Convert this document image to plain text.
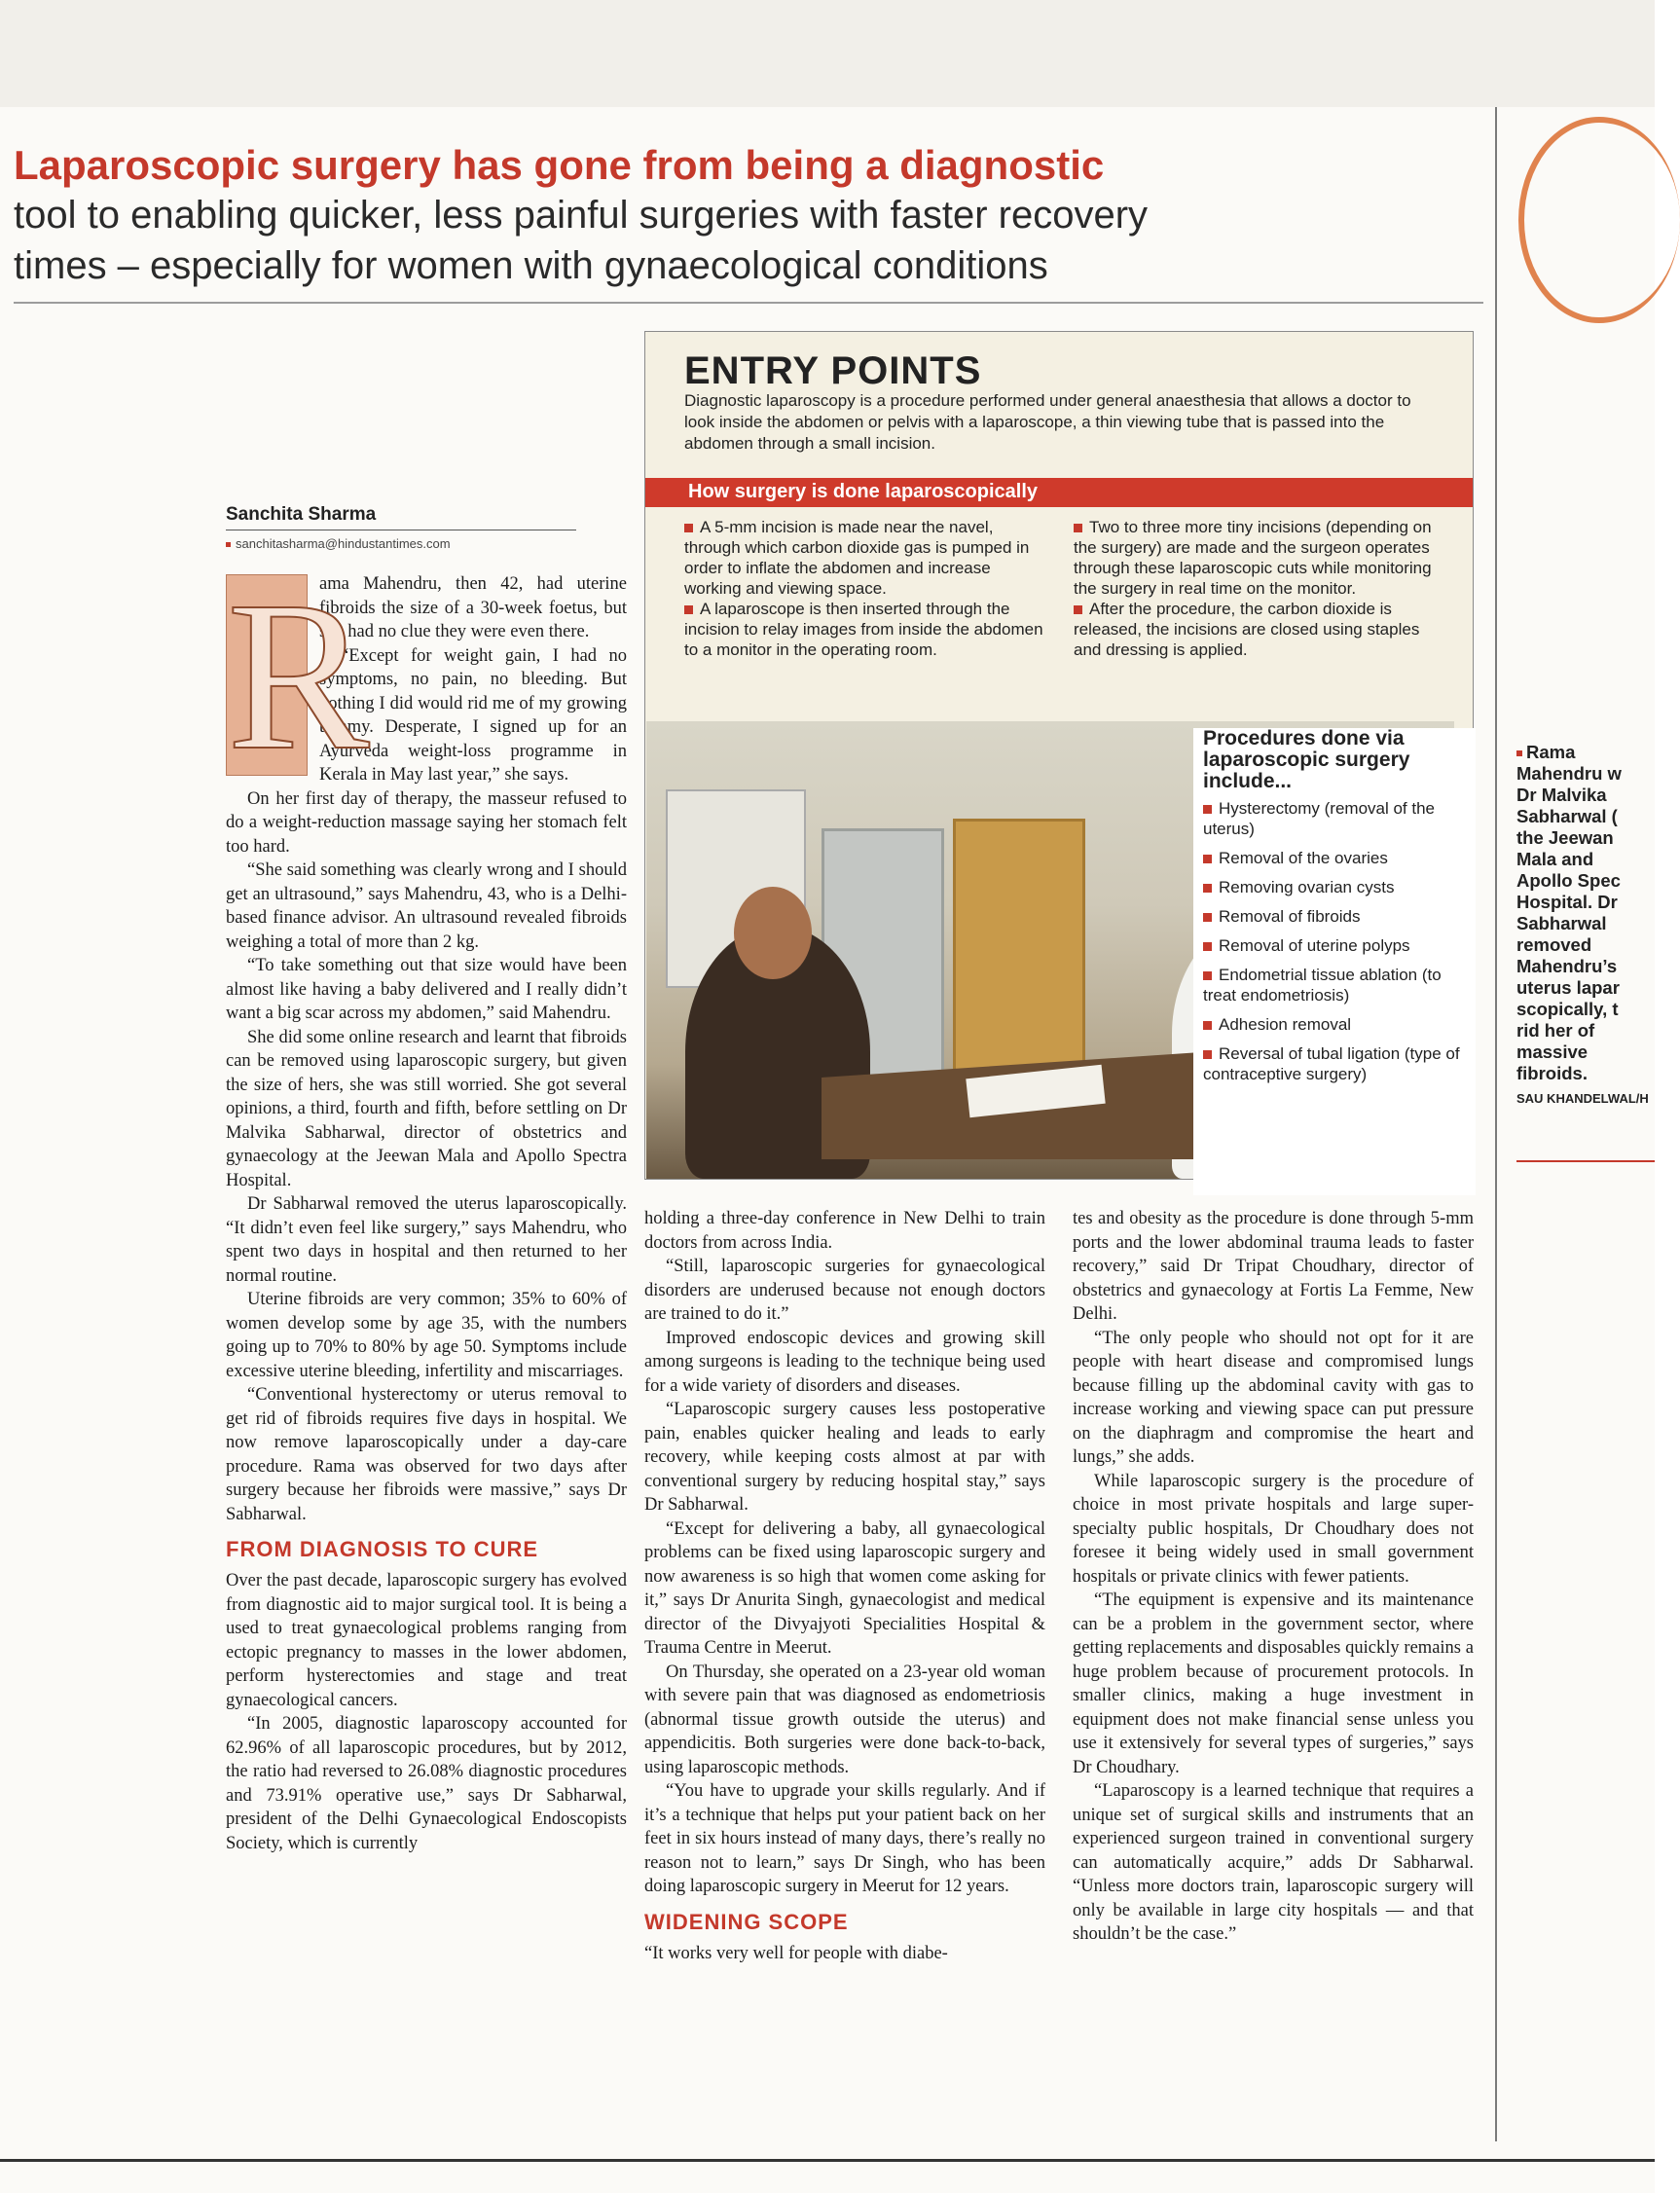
Laparoscopic surgery has gone from being a diagnostic
tool to enabling quicker, less painful surgeries with faster recovery
times – especially for women with gynaecological conditions
Sanchita Sharma
sanchitasharma@hindustantimes.com
R

ama Mahendru, then 42, had uterine fibroids the size of a 30-week foetus, but she had no clue they were even there.

“Except for weight gain, I had no symptoms, no pain, no bleeding. But nothing I did would rid me of my growing tummy. Desperate, I signed up for an Ayurveda weight-loss programme in Kerala in May last year,” she says.

On her first day of therapy, the masseur refused to do a weight-reduction massage saying her stomach felt too hard.

“She said something was clearly wrong and I should get an ultrasound,” says Mahendru, 43, who is a Delhi-based finance advisor. An ultrasound revealed fibroids weighing a total of more than 2 kg.

“To take something out that size would have been almost like having a baby delivered and I really didn’t want a big scar across my abdomen,” said Mahendru.

She did some online research and learnt that fibroids can be removed using laparoscopic surgery, but given the size of hers, she was still worried. She got several opinions, a third, fourth and fifth, before settling on Dr Malvika Sabharwal, director of obstetrics and gynaecology at the Jeewan Mala and Apollo Spectra Hospital.

Dr Sabharwal removed the uterus laparoscopically. “It didn’t even feel like surgery,” says Mahendru, who spent two days in hospital and then returned to her normal routine.

Uterine fibroids are very common; 35% to 60% of women develop some by age 35, with the numbers going up to 70% to 80% by age 50. Symptoms include excessive uterine bleeding, infertility and miscarriages.

“Conventional hysterectomy or uterus removal to get rid of fibroids requires five days in hospital. We now remove laparoscopically under a day-care procedure. Rama was observed for two days after surgery because her fibroids were massive,” says Dr Sabharwal.

FROM DIAGNOSIS TO CURE

Over the past decade, laparoscopic surgery has evolved from diagnostic aid to major surgical tool. It is being a used to treat gynaecological problems ranging from ectopic pregnancy to masses in the lower abdomen, perform hysterectomies and stage and treat gynaecological cancers.

“In 2005, diagnostic laparoscopy accounted for 62.96% of all laparoscopic procedures, but by 2012, the ratio had reversed to 26.08% diagnostic procedures and 73.91% operative use,” says Dr Sabharwal, president of the Delhi Gynaecological Endoscopists Society, which is currently

holding a three-day conference in New Delhi to train doctors from across India.

“Still, laparoscopic surgeries for gynaecological disorders are underused because not enough doctors are trained to do it.”

Improved endoscopic devices and growing skill among surgeons is leading to the technique being used for a wide variety of disorders and diseases.

“Laparoscopic surgery causes less postoperative pain, enables quicker healing and leads to early recovery, while keeping costs almost at par with conventional surgery by reducing hospital stay,” says Dr Sabharwal.

“Except for delivering a baby, all gynaecological problems can be fixed using laparoscopic surgery and now awareness is so high that women come asking for it,” says Dr Anurita Singh, gynaecologist and medical director of the Divyajyoti Specialities Hospital & Trauma Centre in Meerut.

On Thursday, she operated on a 23-year old woman with severe pain that was diagnosed as endometriosis (abnormal tissue growth outside the uterus) and appendicitis. Both surgeries were done back-to-back, using laparoscopic methods.

“You have to upgrade your skills regularly. And if it’s a technique that helps put your patient back on her feet in six hours instead of many days, there’s really no reason not to learn,” says Dr Singh, who has been doing laparoscopic surgery in Meerut for 12 years.

WIDENING SCOPE

“It works very well for people with diabe-

tes and obesity as the procedure is done through 5-mm ports and the lower abdominal trauma leads to faster recovery,” said Dr Tripat Choudhary, director of obstetrics and gynaecology at Fortis La Femme, New Delhi.

“The only people who should not opt for it are people with heart disease and compromised lungs because filling up the abdominal cavity with gas to increase working and viewing space can put pressure on the diaphragm and compromise the heart and lungs,” she adds.

While laparoscopic surgery is the procedure of choice in most private hospitals and large super-specialty public hospitals, Dr Choudhary does not foresee it being widely used in small government hospitals or private clinics with fewer patients.

“The equipment is expensive and its maintenance can be a problem in the government sector, where getting replacements and disposables quickly remains a huge problem because of procurement protocols. In smaller clinics, making a huge investment in equipment does not make financial sense unless you use it extensively for several types of surgeries,” says Dr Choudhary.

“Laparoscopy is a learned technique that requires a unique set of surgical skills and instruments that an experienced surgeon trained in conventional surgery can automatically acquire,” adds Dr Sabharwal. “Unless more doctors train, laparoscopic surgery will only be available in large city hospitals — and that shouldn’t be the case.”

ENTRY POINTS
Diagnostic laparoscopy is a procedure performed under general anaesthesia that allows a doctor to look inside the abdomen or pelvis with a laparoscope, a thin viewing tube that is passed into the abdomen through a small incision.
How surgery is done laparoscopically

A 5-mm incision is made near the navel, through which carbon dioxide gas is pumped in order to inflate the abdomen and increase working and viewing space.

A laparoscope is then inserted through the incision to relay images from inside the abdomen to a monitor in the operating room.

Two to three more tiny incisions (depending on the surgery) are made and the surgeon operates through these laparoscopic cuts while monitoring the surgery in real time on the monitor.

After the procedure, the carbon dioxide is released, the incisions are closed using staples and dressing is applied.

Procedures done via laparoscopic surgery include...
Hysterectomy (removal of the uterus)
Removal of the ovaries
Removing ovarian cysts
Removal of fibroids
Removal of uterine polyps
Endometrial tissue ablation (to treat endometriosis)
Adhesion removal
Reversal of tubal ligation (type of contraceptive surgery)
Rama
Mahendru w
Dr Malvika
Sabharwal (
the Jeewan
Mala and
Apollo Spec
Hospital. Dr
Sabharwal
removed
Mahendru’s
uterus lapar
scopically, t
rid her of
massive
fibroids.
SAU KHANDELWAL/H
